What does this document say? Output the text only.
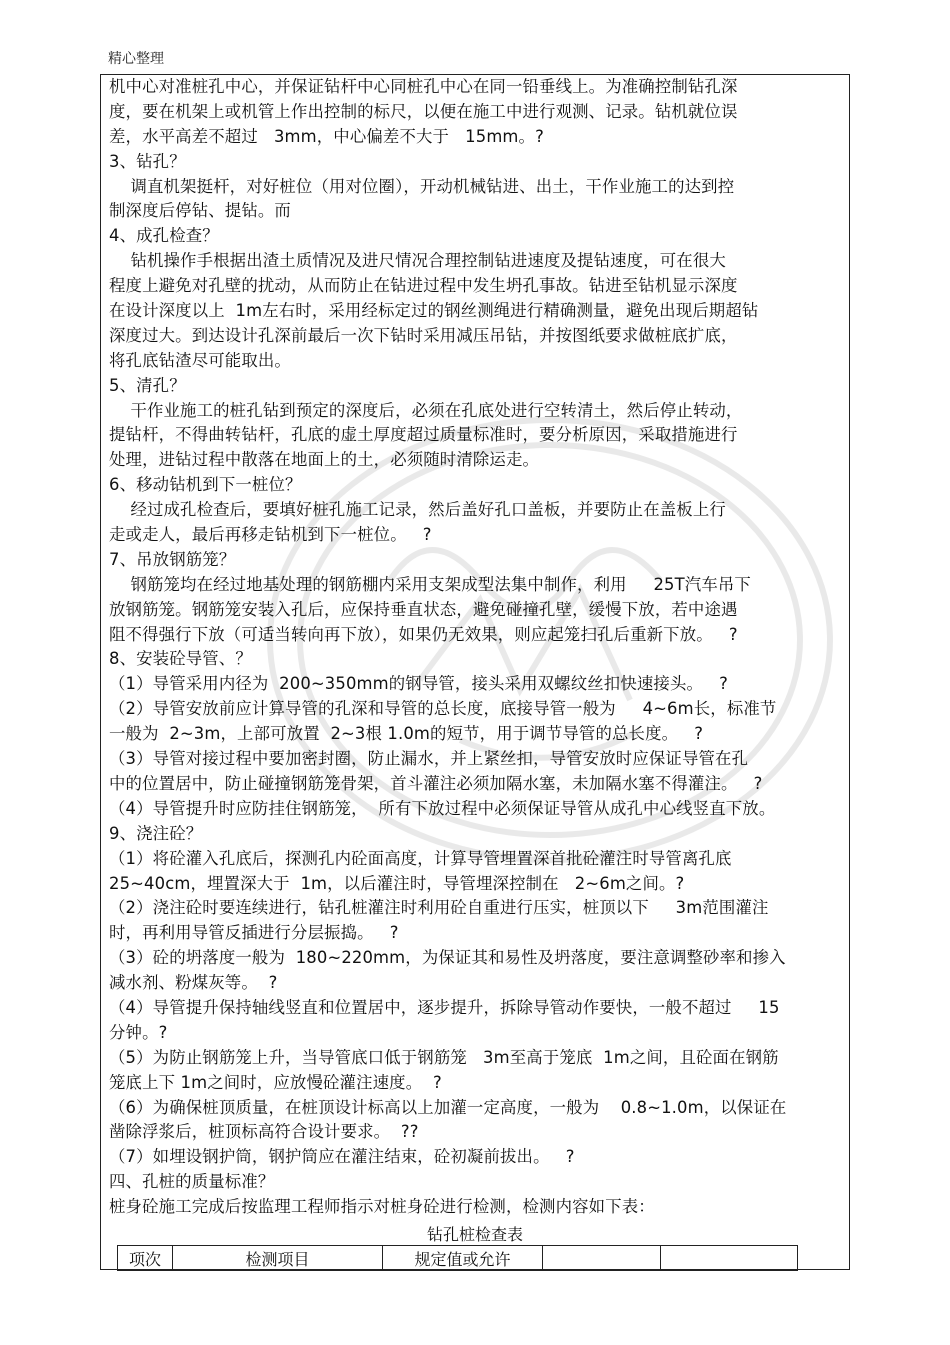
精心整理
机中心对准桩孔中心，并保证钻杆中心同桩孔中心在同一铅垂线上。为准确控制钻孔深
度，要在机架上或机管上作出控制的标尺，以便在施工中进行观测、记录。钻机就位误
差，水平高差不超过   3mm，中心偏差不大于   15mm。?
3、钻孔？
调直机架挺杆，对好桩位（用对位圈），开动机械钻进、出土，干作业施工的达到控
制深度后停钻、提钻。而
4、成孔检查？
钻机操作手根据出渣土质情况及进尺情况合理控制钻进速度及提钻速度，可在很大
程度上避免对孔壁的扰动，从而防止在钻进过程中发生坍孔事故。钻进至钻机显示深度
在设计深度以上  1m左右时，采用经标定过的钢丝测绳进行精确测量，避免出现后期超钻
深度过大。到达设计孔深前最后一次下钻时采用减压吊钻，并按图纸要求做桩底扩底，
将孔底钻渣尽可能取出。
5、清孔？
干作业施工的桩孔钻到预定的深度后，必须在孔底处进行空转清土，然后停止转动，
提钻杆，不得曲转钻杆，孔底的虚土厚度超过质量标准时，要分析原因，采取措施进行
处理，进钻过程中散落在地面上的土，必须随时清除运走。
6、移动钻机到下一桩位？
经过成孔检查后，要填好桩孔施工记录，然后盖好孔口盖板，并要防止在盖板上行
走或走人，最后再移走钻机到下一桩位。   ?
7、吊放钢筋笼？
钢筋笼均在经过地基处理的钢筋棚内采用支架成型法集中制作，利用     25T汽车吊下
放钢筋笼。钢筋笼安装入孔后，应保持垂直状态，避免碰撞孔壁，缓慢下放，若中途遇
阻不得强行下放（可适当转向再下放），如果仍无效果，则应起笼扫孔后重新下放。   ?
8、安装砼导管、？
（1）导管采用内径为  200~350mm的钢导管，接头采用双螺纹丝扣快速接头。   ?
（2）导管安放前应计算导管的孔深和导管的总长度，底接导管一般为     4~6m长，标准节
一般为  2~3m，上部可放置  2~3根 1.0m的短节，用于调节导管的总长度。   ?
（3）导管对接过程中要加密封圈，防止漏水，并上紧丝扣，导管安放时应保证导管在孔
中的位置居中，防止碰撞钢筋笼骨架，首斗灌注必须加隔水塞，未加隔水塞不得灌注。   ?
（4）导管提升时应防挂住钢筋笼，  所有下放过程中必须保证导管从成孔中心线竖直下放。
9、浇注砼？
（1）将砼灌入孔底后，探测孔内砼面高度，计算导管埋置深首批砼灌注时导管离孔底
25~40cm，埋置深大于  1m，以后灌注时，导管埋深控制在   2~6m之间。?
（2）浇注砼时要连续进行，钻孔桩灌注时利用砼自重进行压实，桩顶以下     3m范围灌注
时，再利用导管反插进行分层振捣。   ?
（3）砼的坍落度一般为  180~220mm，为保证其和易性及坍落度，要注意调整砂率和掺入
减水剂、粉煤灰等。  ?
（4）导管提升保持轴线竖直和位置居中，逐步提升，拆除导管动作要快，一般不超过     15
分钟。?
（5）为防止钢筋笼上升，当导管底口低于钢筋笼   3m至高于笼底  1m之间，且砼面在钢筋
笼底上下 1m之间时，应放慢砼灌注速度。  ?
（6）为确保桩顶质量，在桩顶设计标高以上加灌一定高度，一般为    0.8~1.0m，以保证在
凿除浮浆后，桩顶标高符合设计要求。  ??
（7）如埋设钢护筒，钢护筒应在灌注结束，砼初凝前拔出。   ?
四、孔桩的质量标准？
桩身砼施工完成后按监理工程师指示对桩身砼进行检测，检测内容如下表：
钻孔桩检查表
项次	检测项目	规定值或允许		
